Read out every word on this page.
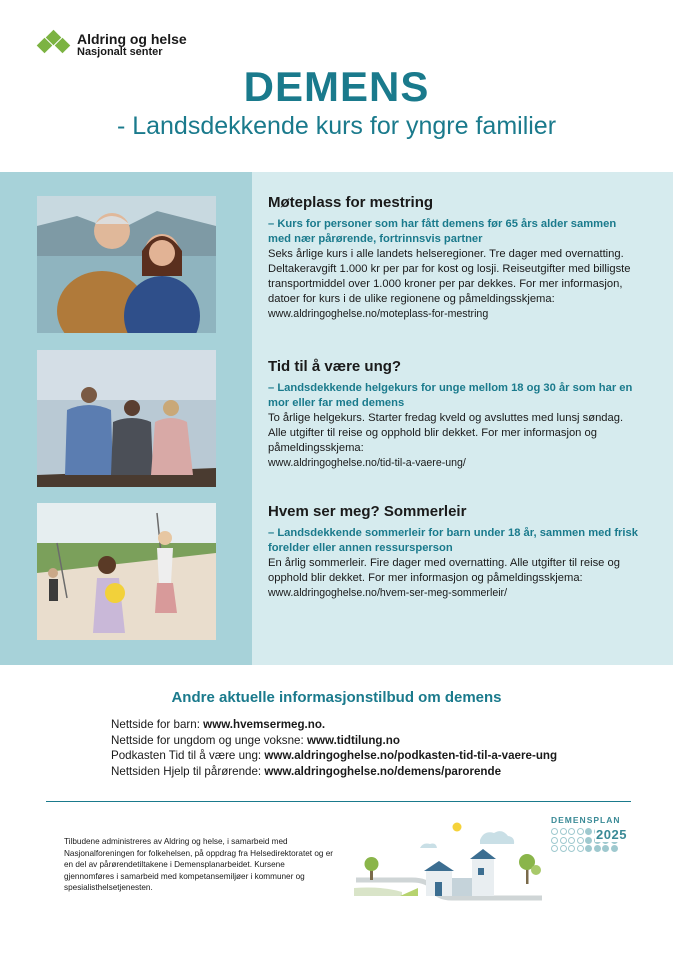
Aldring og helse
Nasjonalt senter
DEMENS
- Landsdekkende kurs for yngre familier
Møteplass for mestring
– Kurs for personer som har fått demens før 65 års alder sammen med nær pårørende, fortrinnsvis partner
Seks årlige kurs i alle landets helseregioner. Tre dager med overnatting. Deltakeravgift 1.000 kr per par for kost og losji. Reiseutgifter med billigste transportmiddel over 1.000 kroner per par dekkes. For mer informasjon, datoer for kurs i de ulike regionene og påmeldingsskjema:
www.aldringoghelse.no/moteplass-for-mestring
Tid til å være ung?
– Landsdekkende helgekurs for unge mellom 18 og 30 år som har en mor eller far med demens
To årlige helgekurs. Starter fredag kveld og avsluttes med lunsj søndag. Alle utgifter til reise og opphold blir dekket. For mer informasjon og påmeldingsskjema:
www.aldringoghelse.no/tid-til-a-vaere-ung/
Hvem ser meg? Sommerleir
– Landsdekkende sommerleir for barn under 18 år, sammen med frisk forelder eller annen ressursperson
En årlig sommerleir. Fire dager med overnatting. Alle utgifter til reise og opphold blir dekket. For mer informasjon og påmeldingsskjema:
www.aldringoghelse.no/hvem-ser-meg-sommerleir/
Andre aktuelle informasjonstilbud om demens
Nettside for barn: www.hvemsermeg.no.
Nettside for ungdom og unge voksne: www.tidtilung.no
Podkasten Tid til å være ung: www.aldringoghelse.no/podkasten-tid-til-a-vaere-ung
Nettsiden Hjelp til pårørende: www.aldringoghelse.no/demens/parorende
Tilbudene administreres av Aldring og helse, i samarbeid med Nasjonalforeningen for folkehelsen, på oppdrag fra Helsedirektoratet og er en del av pårørendetiltakene i Demensplanarbeidet. Kursene gjennomføres i samarbeid med kompetansemiljøer i kommuner og spesialisthelsetjenesten.
DEMENSPLAN
2025
